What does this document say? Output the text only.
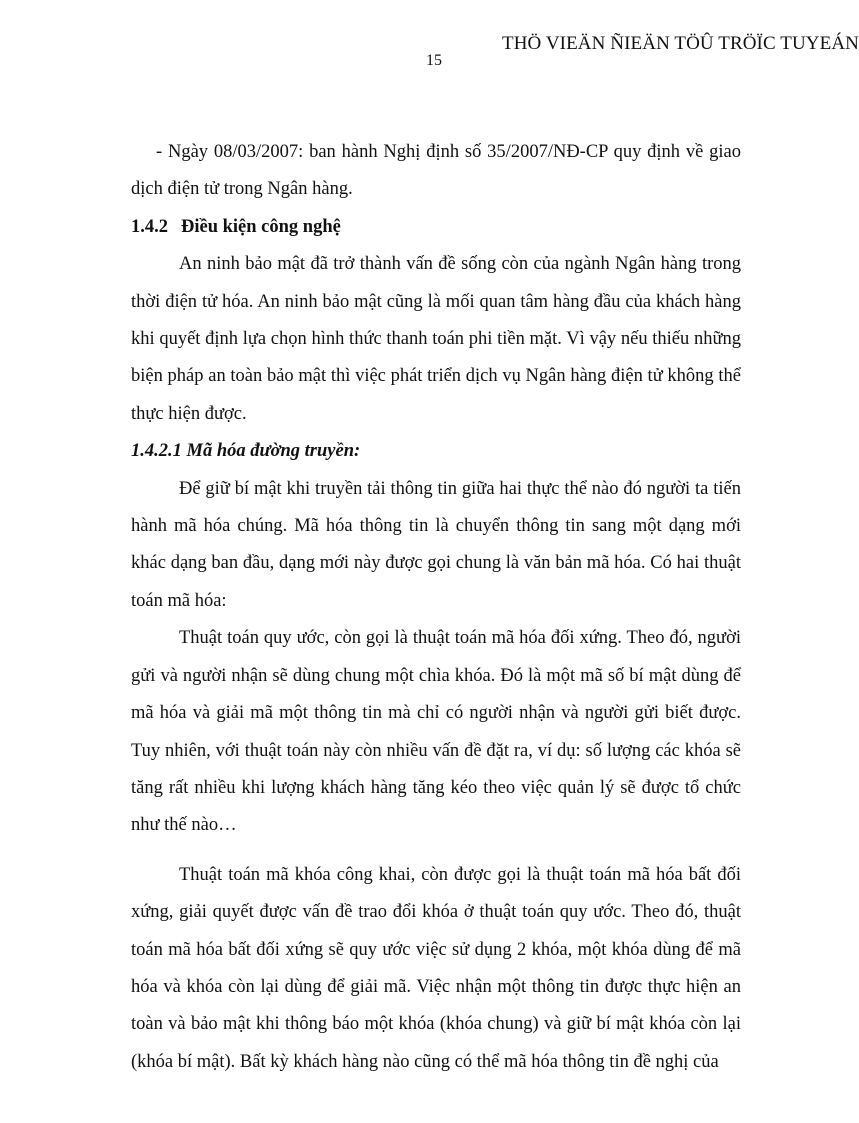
THÖ VIEÄN ÑIEÄN TÖÛ TRÖÏC TUYEÁN
15

- Ngày 08/03/2007: ban hành Nghị định số 35/2007/NĐ-CP quy định về giao dịch điện tử trong Ngân hàng.

1.4.2 Điều kiện công nghệ

An ninh bảo mật đã trở thành vấn đề sống còn của ngành Ngân hàng trong thời điện tử hóa. An ninh bảo mật cũng là mối quan tâm hàng đầu của khách hàng khi quyết định lựa chọn hình thức thanh toán phi tiền mặt. Vì vậy nếu thiếu những biện pháp an toàn bảo mật thì việc phát triển dịch vụ Ngân hàng điện tử không thể thực hiện được.

1.4.2.1 Mã hóa đường truyền:

Để giữ bí mật khi truyền tải thông tin giữa hai thực thể nào đó người ta tiến hành mã hóa chúng. Mã hóa thông tin là chuyển thông tin sang một dạng mới khác dạng ban đầu, dạng mới này được gọi chung là văn bản mã hóa. Có hai thuật toán mã hóa:

Thuật toán quy ước, còn gọi là thuật toán mã hóa đối xứng. Theo đó, người gửi và người nhận sẽ dùng chung một chìa khóa. Đó là một mã số bí mật dùng để mã hóa và giải mã một thông tin mà chỉ có người nhận và người gửi biết được. Tuy nhiên, với thuật toán này còn nhiều vấn đề đặt ra, ví dụ: số lượng các khóa sẽ tăng rất nhiều khi lượng khách hàng tăng kéo theo việc quản lý sẽ được tổ chức như thế nào…

Thuật toán mã khóa công khai, còn được gọi là thuật toán mã hóa bất đối xứng, giải quyết được vấn đề trao đổi khóa ở thuật toán quy ước. Theo đó, thuật toán mã hóa bất đối xứng sẽ quy ước việc sử dụng 2 khóa, một khóa dùng để mã hóa và khóa còn lại dùng để giải mã. Việc nhận một thông tin được thực hiện an toàn và bảo mật khi thông báo một khóa (khóa chung) và giữ bí mật khóa còn lại (khóa bí mật). Bất kỳ khách hàng nào cũng có thể mã hóa thông tin đề nghị của
